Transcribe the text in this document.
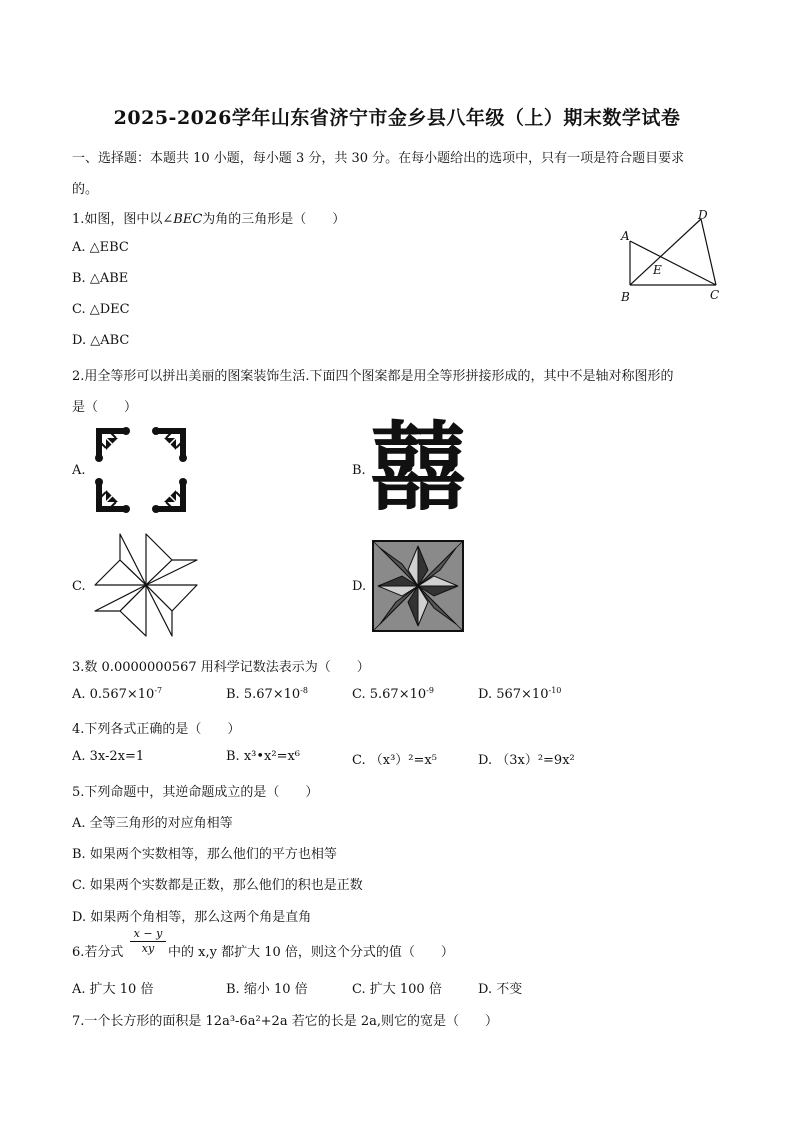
2025-2026学年山东省济宁市金乡县八年级（上）期末数学试卷
一、选择题：本题共 10 小题，每小题 3 分，共 30 分。在每小题给出的选项中，只有一项是符合题目要求
的。
1.如图，图中以∠BEC为角的三角形是（　　）
A. △EBC
B. △ABE
C. △DEC
D. △ABC
A
B	C
D
E
2.用全等形可以拼出美丽的图案装饰生活.下面四个图案都是用全等形拼接形成的，其中不是轴对称图形的
是（　　）
A.	B.
C.	D.
囍
3.数 0.0000000567 用科学记数法表示为（　　）
A. $0.567\times 10^{-7}$	B. $5.67\times 10^{-8}$	C. $5.67\times 10^{-9}$	D. $567\times 10^{-10}$
4.下列各式正确的是（　　）
A. 3x-2x=1	B. x³•x²=x⁶	C. （x³）²=x⁵	D. （3x）²=9x²
5.下列命题中，其逆命题成立的是（　　）
A. 全等三角形的对应角相等
B. 如果两个实数相等，那么他们的平方也相等
C. 如果两个实数都是正数，那么他们的积也是正数
D. 如果两个角相等，那么这两个角是直角
6.若分式 $\frac{x - y}{xy}$ 中的 x,y 都扩大 10 倍，则这个分式的值（　　）
A. 扩大 10 倍	B. 缩小 10 倍	C. 扩大 100 倍	D. 不变
7.一个长方形的面积是 12a³-6a²+2a 若它的长是 2a,则它的宽是（　　）
